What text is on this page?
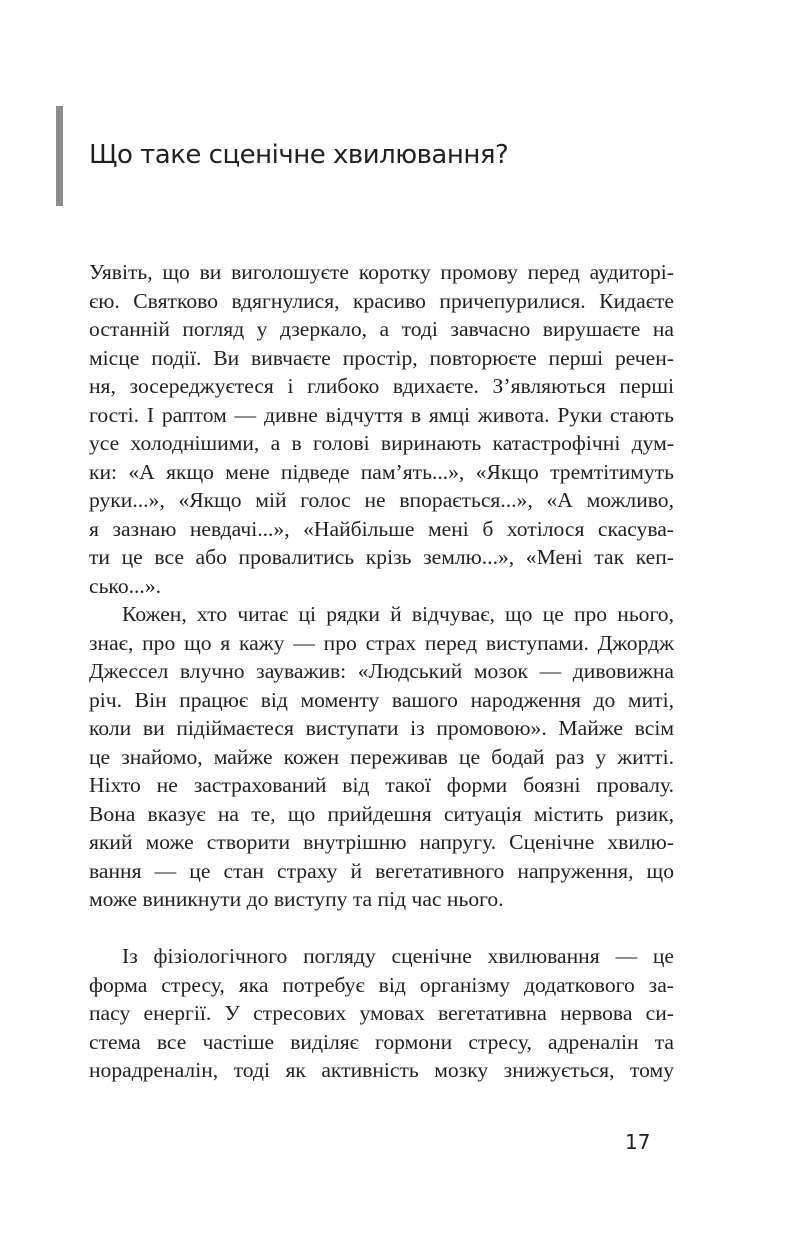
Що таке сценічне хвилювання?
Уявіть, що ви виголошуєте коротку промову перед аудиторі-
єю. Святково вдягнулися, красиво причепурилися. Кидаєте
останній погляд у дзеркало, а тоді завчасно вирушаєте на
місце події. Ви вивчаєте простір, повторюєте перші речен-
ня, зосереджуєтеся і глибоко вдихаєте. З’являються перші
гості. І раптом — дивне відчуття в ямці живота. Руки стають
усе холоднішими, а в голові виринають катастрофічні дум-
ки: «А якщо мене підведе пам’ять...», «Якщо тремтітимуть
руки...», «Якщо мій голос не впорається...», «А можливо,
я зазнаю невдачі...», «Найбільше мені б хотілося скасува-
ти це все або провалитись крізь землю...», «Мені так кеп-
сько...».
Кожен, хто читає ці рядки й відчуває, що це про нього,
знає, про що я кажу — про страх перед виступами. Джордж
Джессел влучно зауважив: «Людський мозок — дивовижна
річ. Він працює від моменту вашого народження до миті,
коли ви підіймаєтеся виступати із промовою». Майже всім
це знайомо, майже кожен переживав це бодай раз у житті.
Ніхто не застрахований від такої форми боязні провалу.
Вона вказує на те, що прийдешня ситуація містить ризик,
який може створити внутрішню напругу. Сценічне хвилю-
вання — це стан страху й вегетативного напруження, що
може виникнути до виступу та під час нього.
Із фізіологічного погляду сценічне хвилювання — це
форма стресу, яка потребує від організму додаткового за-
пасу енергії. У стресових умовах вегетативна нервова си-
стема все частіше виділяє гормони стресу, адреналін та
норадреналін, тоді як активність мозку знижується, тому
17
